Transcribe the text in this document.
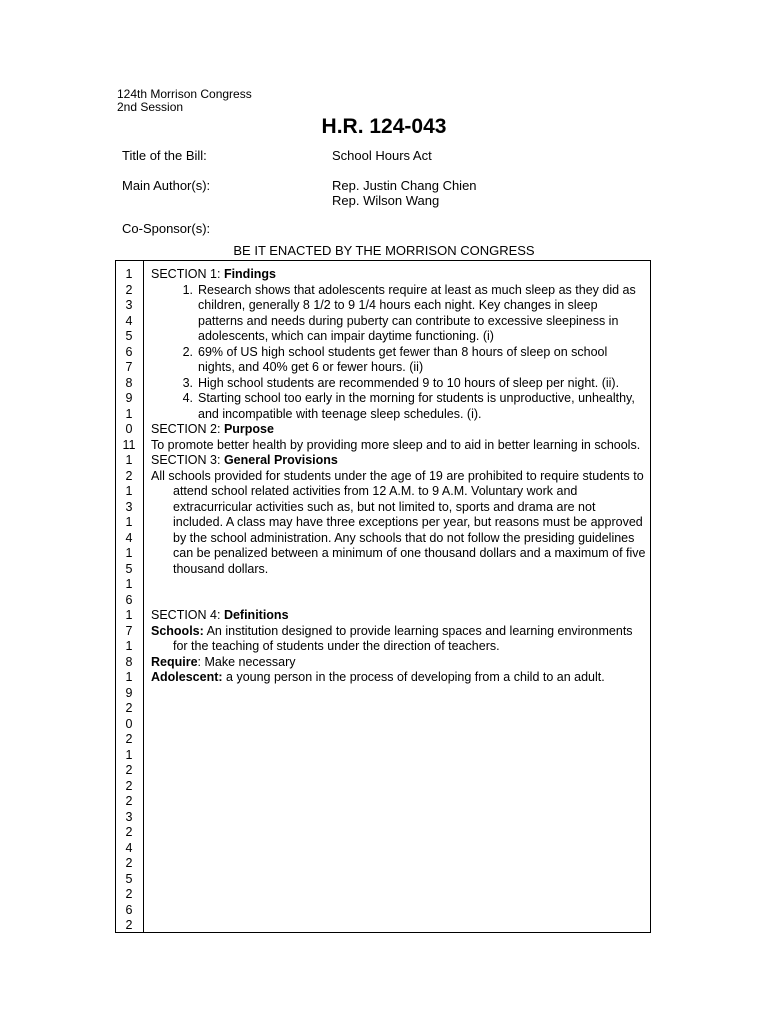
124th Morrison Congress
2nd Session
H.R. 124-043
Title of the Bill:	School Hours Act
Main Author(s):	Rep. Justin Chang Chien
Rep. Wilson Wang
Co-Sponsor(s):
BE IT ENACTED BY THE MORRISON CONGRESS
1
2
3
4
5
6
7
8
9
1
0
11
1
2
1
3
1
4
1
5
1
6
1
7
1
8
1
9
2
0
2
1
2
2
2
3
2
4
2
5
2
6
2

SECTION 1: Findings

1. Research shows that adolescents require at least as much sleep as they did as children, generally 8 1/2 to 9 1/4 hours each night. Key changes in sleep patterns and needs during puberty can contribute to excessive sleepiness in adolescents, which can impair daytime functioning. (i)
2. 69% of US high school students get fewer than 8 hours of sleep on school nights, and 40% get 6 or fewer hours. (ii)
3. High school students are recommended 9 to 10 hours of sleep per night. (ii).
4. Starting school too early in the morning for students is unproductive, unhealthy, and incompatible with teenage sleep schedules. (i).

SECTION 2: Purpose

To promote better health by providing more sleep and to aid in better learning in schools.

SECTION 3: General Provisions

All schools provided for students under the age of 19 are prohibited to require students to attend school related activities from 12 A.M. to 9 A.M. Voluntary work and extracurricular activities such as, but not limited to, sports and drama are not included. A class may have three exceptions per year, but reasons must be approved by the school administration. Any schools that do not follow the presiding guidelines can be penalized between a minimum of one thousand dollars and a maximum of five thousand dollars.

SECTION 4: Definitions

Schools: An institution designed to provide learning spaces and learning environments for the teaching of students under the direction of teachers.

Require: Make necessary

Adolescent: a young person in the process of developing from a child to an adult.
